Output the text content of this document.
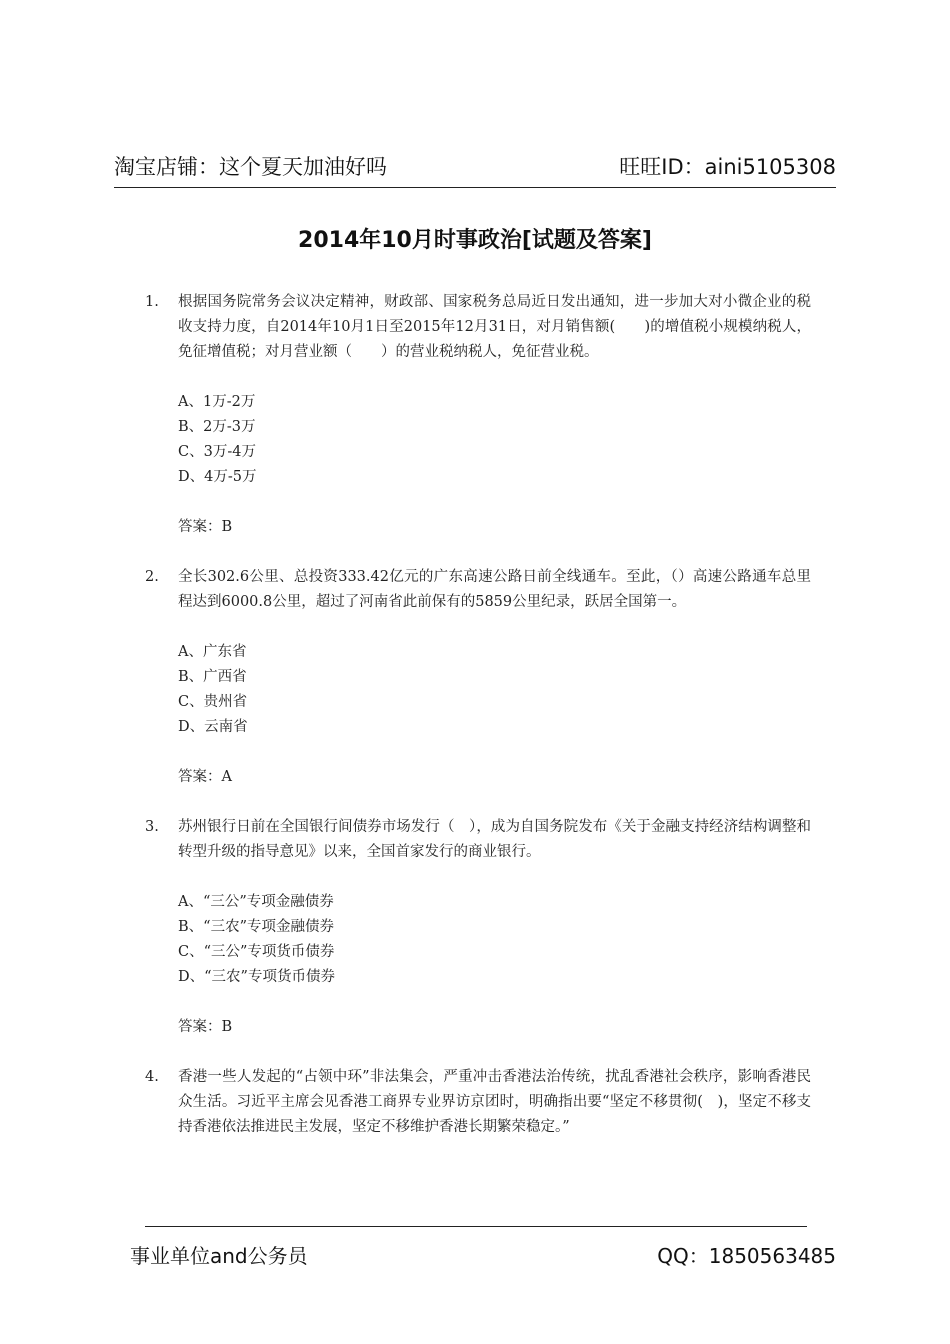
淘宝店铺：这个夏天加油好吗	旺旺ID：aini5105308
2014年10月时事政治[试题及答案]
1. 根据国务院常务会议决定精神，财政部、国家税务总局近日发出通知，进一步加大对小微企业的税收支持力度，自2014年10月1日至2015年12月31日，对月销售额(　　)的增值税小规模纳税人，免征增值税；对月营业额（　　）的营业税纳税人，免征营业税。

A、1万-2万
B、2万-3万
C、3万-4万
D、4万-5万
答案：B
2. 全长302.6公里、总投资333.42亿元的广东高速公路日前全线通车。至此，（）高速公路通车总里程达到6000.8公里，超过了河南省此前保有的5859公里纪录，跃居全国第一。

A、广东省
B、广西省
C、贵州省
D、云南省
答案：A
3. 苏州银行日前在全国银行间债券市场发行（　），成为自国务院发布《关于金融支持经济结构调整和转型升级的指导意见》以来，全国首家发行的商业银行。

A、“三公”专项金融债券
B、“三农”专项金融债券
C、“三公”专项货币债券
D、“三农”专项货币债券
答案：B
4. 香港一些人发起的“占领中环”非法集会，严重冲击香港法治传统，扰乱香港社会秩序，影响香港民众生活。习近平主席会见香港工商界专业界访京团时，明确指出要“坚定不移贯彻(　)，坚定不移支持香港依法推进民主发展，坚定不移维护香港长期繁荣稳定。”

事业单位and公务员	QQ：1850563485
